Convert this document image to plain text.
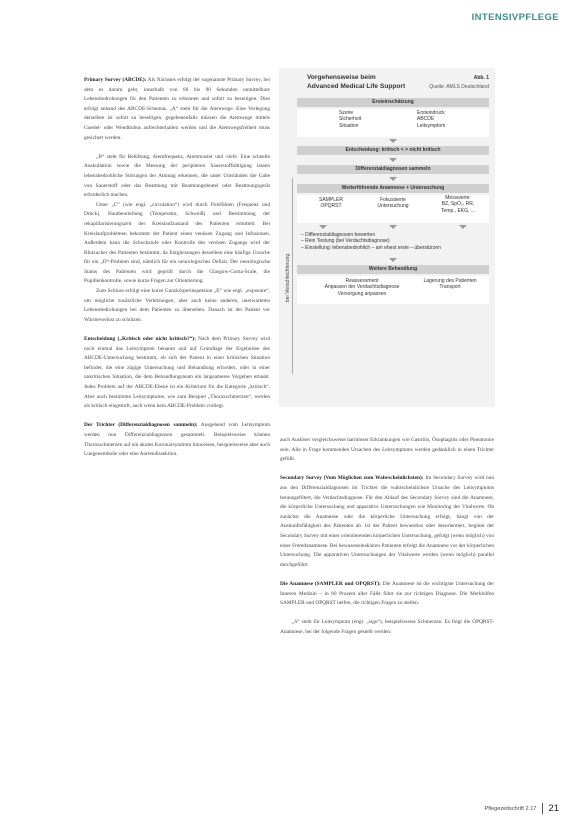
INTENSIVPFLEGE

Primary Survey (ABCDE): Als Nächstes erfolgt der sogenannte Primary Survey, bei dem es darum geht, innerhalb von 60 bis 90 Sekunden unmittelbare Lebensbedrohungen für den Patienten zu erkennen und sofort zu beseitigen. Dies erfolgt anhand des ABCDE-Schemas. „A“ steht für die Atemwege. Eine Verlegung derselben ist sofort zu beseitigen, gegebenenfalls müssen die Atemwege mittels Guedel- oder Wendltubus aufrechterhalten werden und die Atemwegsfreiheit muss gesichert werden.

„B“ steht für Belüftung, Atemfrequenz, Atemmuster und -tiefe. Eine schnelle Auskultation sowie die Messung der peripheren Sauerstoffsättigung lassen lebensbedrohliche Störungen der Atmung erkennen, die unter Umständen die Gabe von Sauerstoff oder das Beatmung mit Beatmungsbeutel oder Beatmungsgerät erforderlich machen.

Unter „C“ (wie engl. „circulation“) wird durch Pulsfühlen (Frequenz und Druck), Hautbeurteilung (Temperatur, Schweiß) und Bestimmung der rekapillarisierungszeit der Kreislaufzustand des Patienten ermittelt. Bei Kreislaufproblemen bekommt der Patient einen venösen Zugang und Infusionen. Außerdem kann die Schockstufe oder Kontrolle des venösen Zugangs wird der Blutzucker des Patienten bestimmt, da Entgleisungen desselben eine häufige Ursache für ein „D“-Problem sind, nämlich für ein neurologisches Defizit. Der neurologische Status des Patienten wird geprüft durch die Glasgow-Coma-Scale, die Pupillenkontrolle, sowie kurze Fragen zur Orientierung.

Zum Schluss erfolgt eine kurze Ganzkörperinspektion „E“ wie engl. „exposure“, um mögliche zusätzliche Verletzungen, aber auch keine anderen, unerwarteten Lebensbedrohungen bei dem Patienten zu übersehen. Danach ist der Patient vor Wärmeverlust zu schützen.

Entscheidung („Kritisch oder nicht kritisch?“): Nach dem Primary Survey wird noch einmal das Leitsymptom benannt und auf Grundlage der Ergebnisse des ABCDE-Untersuchung bestimmt, ob sich der Patient in einer kritischen Situation befindet, die eine zügige Untersuchung und Behandlung erfordert, oder in einer unkritischen Situation, die dem Behandlungsteam ein langsameres Vorgehen erlaubt. Jedes Problem auf der ABCDE-Ebene ist ein Kriterium für die Kategorie „kritisch“. Aber auch bestimmte Leitsymptome, wie zum Beispiel „Thoraxschmerzen“, werden als kritisch eingestuft, auch wenn kein ABCDE-Problem vorliegt.

Der Trichter (Differenzialdiagnosen sammeln): Ausgehend vom Leitsymptom werden nun Differenzialdiagnosen gesammelt. Beispielsweise können Thoraxschmerzen auf ein akutes Koronarsyndrom hinweisen, beispielsweise aber auch Lungenembolie oder eine Aortendissektion.

Vorgehensweise beim
Advanced Medical Life Support
Abb. 1
Quelle: AMLS Deutschland
bei Verschlechterung
Ersteinschätzung
Szene
Sicherheit
Situation
Ersteindruck
ABCDE
Leitsymptom
Entscheidung: kritisch < > nicht kritisch
Differenzialdiagnosen sammeln
Weiterführende Anamnese + Untersuchung
SAMPLER
OPQRST
Fokussierte
Untersuchung
Messwerte:
BZ, SpO₂, RR,
Temp., EKG, ...
– Differenzialdiagnosen bewerten
– Rein Testung (bei Verdachtsdiagnose)
– Einstellung: lebensbedrohlich – am ehest erste – überstürzen
Weitere Behandlung
Reassessment
Anpassen der Verdachtsdiagnose
Versorgung anpassen
Lagerung des Patienten
Transport

auch Auslöser vergleichsweise harmloser Erkrankungen wie Gastritis, Ösophagitis oder Pneumonie sein. Alle in Frage kommenden Ursachen des Leitsymptoms werden gedanklich in einen Trichter gefüllt.

Secondary Survey (Vom Möglichen zum Wahrscheinlichsten): Im Secondary Survey wird nun aus den Differenzialdiagnosen im Trichter die wahrscheinlichste Ursache des Leitsymptoms herausgefiltert, die Verdachtsdiagnose. Für den Ablauf des Secondary Survey sind die Anamnese, die körperliche Untersuchung und apparative Untersuchungen wie Monitoring der Vitalwerte. Ob zunächst die Anamnese oder die körperliche Untersuchung erfolgt, hängt von der Auskunftsfähigkeit des Patienten ab. Ist der Patient bewusstlos oder desorientiert, beginnt der Secondary Survey mit einer orientierenden körperlichen Untersuchung, gefolgt (wenn möglich) von einer Fremdanamnese. Bei bewusstseinsklaren Patienten erfolgt die Anamnese vor der körperlichen Untersuchung. Die apparativen Untersuchungen der Vitalwerte werden (wenn möglich) parallel durchgeführt.

Die Anamnese (SAMPLER und OPQRST): Die Anamnese ist die wichtigste Untersuchung der Inneren Medizin – in 80 Prozent aller Fälle führt sie zur richtigen Diagnose. Die Merkhilfen SAMPLER und OPQRST helfen, die richtigen Fragen zu stellen.

„S“ steht für Leitsymptom (engl. „sign“), beispielsweise Schmerzen. Es folgt die OPQRST-Anamnese, bei der folgende Fragen gestellt werden:

Pflegezeitschrift 2.17	21
